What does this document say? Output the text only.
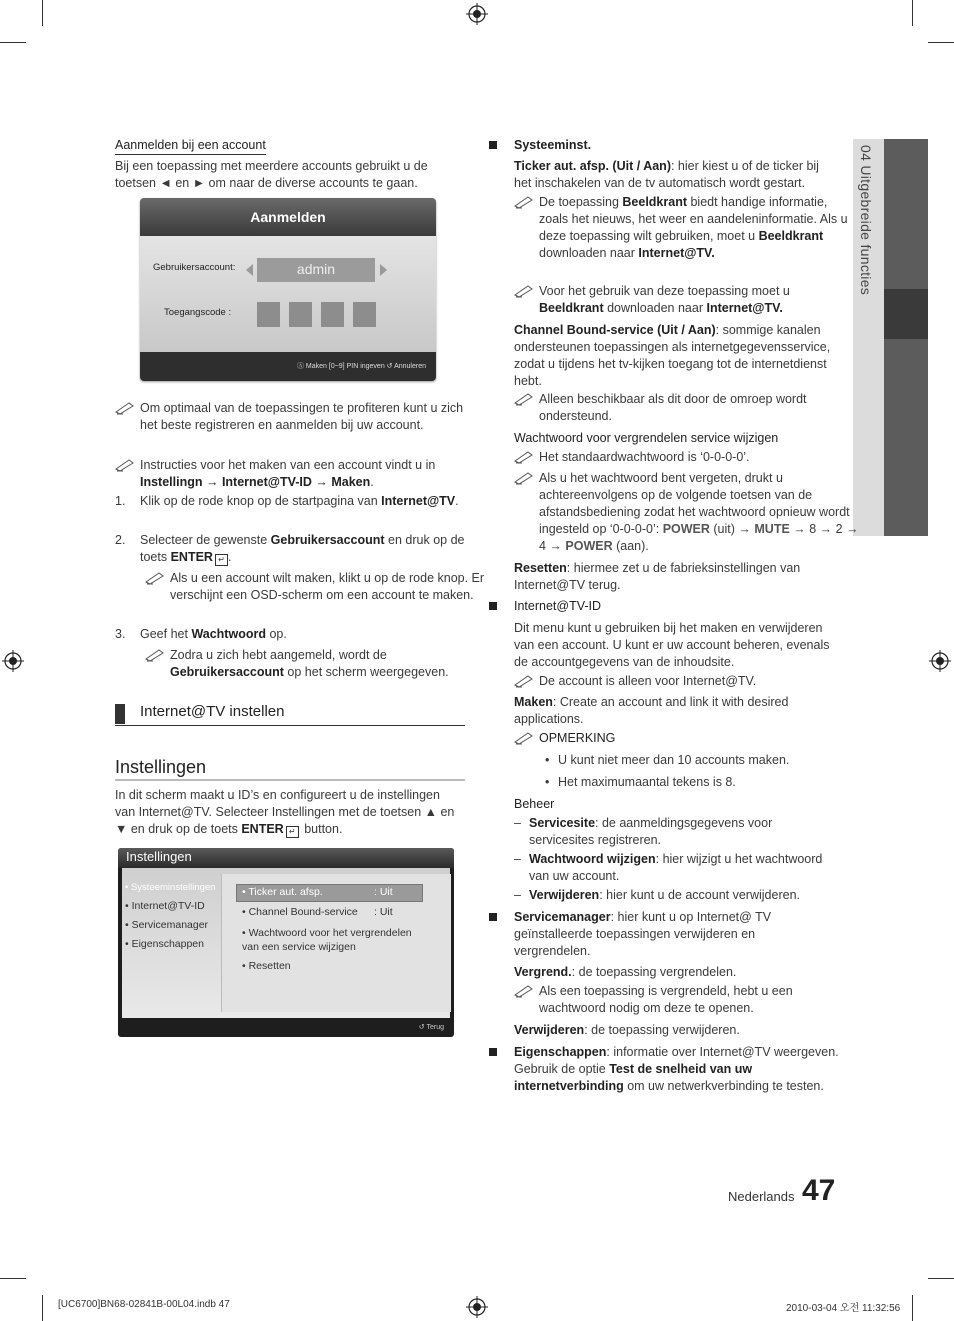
04 Uitgebreide functies
Aanmelden bij een account
Bij een toepassing met meerdere accounts gebruikt u de toetsen ◄ en ► om naar de diverse accounts te gaan.
Aanmelden
Gebruikersaccount:	admin
Toegangscode :
Ⓐ Maken [0~9] PIN ingeven ↺ Annuleren
Om optimaal van de toepassingen te profiteren kunt u zich het beste registreren en aanmelden bij uw account.
Instructies voor het maken van een account vindt u in Instellingn → Internet@TV-ID → Maken.
1. Klik op de rode knop op de startpagina van Internet@TV.
2. Selecteer de gewenste Gebruikersaccount en druk op de toets ENTER ↵ .
Als u een account wilt maken, klikt u op de rode knop. Er verschijnt een OSD-scherm om een account te maken.
3. Geef het Wachtwoord op.
Zodra u zich hebt aangemeld, wordt de Gebruikersaccount op het scherm weergegeven.
Internet@TV instellen
Instellingen
In dit scherm maakt u ID’s en configureert u de instellingen van Internet@TV. Selecteer Instellingen met de toetsen ▲ en ▼ en druk op de toets ENTER ↵ button.
Instellingen
• Systeeminstellingen
• Internet@TV-ID
• Servicemanager
• Eigenschappen
• Ticker aut. afsp.	: Uit
• Channel Bound-service : Uit
• Wachtwoord voor het vergrendelen van een service wijzigen
• Resetten
↺ Terug
Systeeminst.
Ticker aut. afsp. (Uit / Aan): hier kiest u of de ticker bij het inschakelen van de tv automatisch wordt gestart.
De toepassing Beeldkrant biedt handige informatie, zoals het nieuws, het weer en aandeleninformatie. Als u deze toepassing wilt gebruiken, moet u Beeldkrant downloaden naar Internet@TV.
Voor het gebruik van deze toepassing moet u Beeldkrant downloaden naar Internet@TV.
Channel Bound-service (Uit / Aan): sommige kanalen ondersteunen toepassingen als internetgegevensservice, zodat u tijdens het tv-kijken toegang tot de internetdienst hebt.
Alleen beschikbaar als dit door de omroep wordt ondersteund.
Wachtwoord voor vergrendelen service wijzigen
Het standaardwachtwoord is ‘0-0-0-0’.
Als u het wachtwoord bent vergeten, drukt u achtereenvolgens op de volgende toetsen van de afstandsbediening zodat het wachtwoord opnieuw wordt ingesteld op ‘0-0-0-0’: POWER (uit) → MUTE → 8 → 2 → 4 → POWER (aan).
Resetten: hiermee zet u de fabrieksinstellingen van Internet@TV terug.
Internet@TV-ID
Dit menu kunt u gebruiken bij het maken en verwijderen van een account. U kunt er uw account beheren, evenals de accountgegevens van de inhoudsite.
De account is alleen voor Internet@TV.
Maken: Create an account and link it with desired applications.
OPMERKING
• U kunt niet meer dan 10 accounts maken.
• Het maximumaantal tekens is 8.
Beheer
– Servicesite: de aanmeldingsgegevens voor servicesites registreren.
– Wachtwoord wijzigen: hier wijzigt u het wachtwoord van uw account.
– Verwijderen: hier kunt u de account verwijderen.
Servicemanager: hier kunt u op Internet@ TV geïnstalleerde toepassingen verwijderen en vergrendelen.
Vergrend.: de toepassing vergrendelen.
Als een toepassing is vergrendeld, hebt u een wachtwoord nodig om deze te openen.
Verwijderen: de toepassing verwijderen.
Eigenschappen: informatie over Internet@TV weergeven. Gebruik de optie Test de snelheid van uw internetverbinding om uw netwerkverbinding te testen.
Nederlands 47
[UC6700]BN68-02841B-00L04.indb 47	2010-03-04 오전 11:32:56
